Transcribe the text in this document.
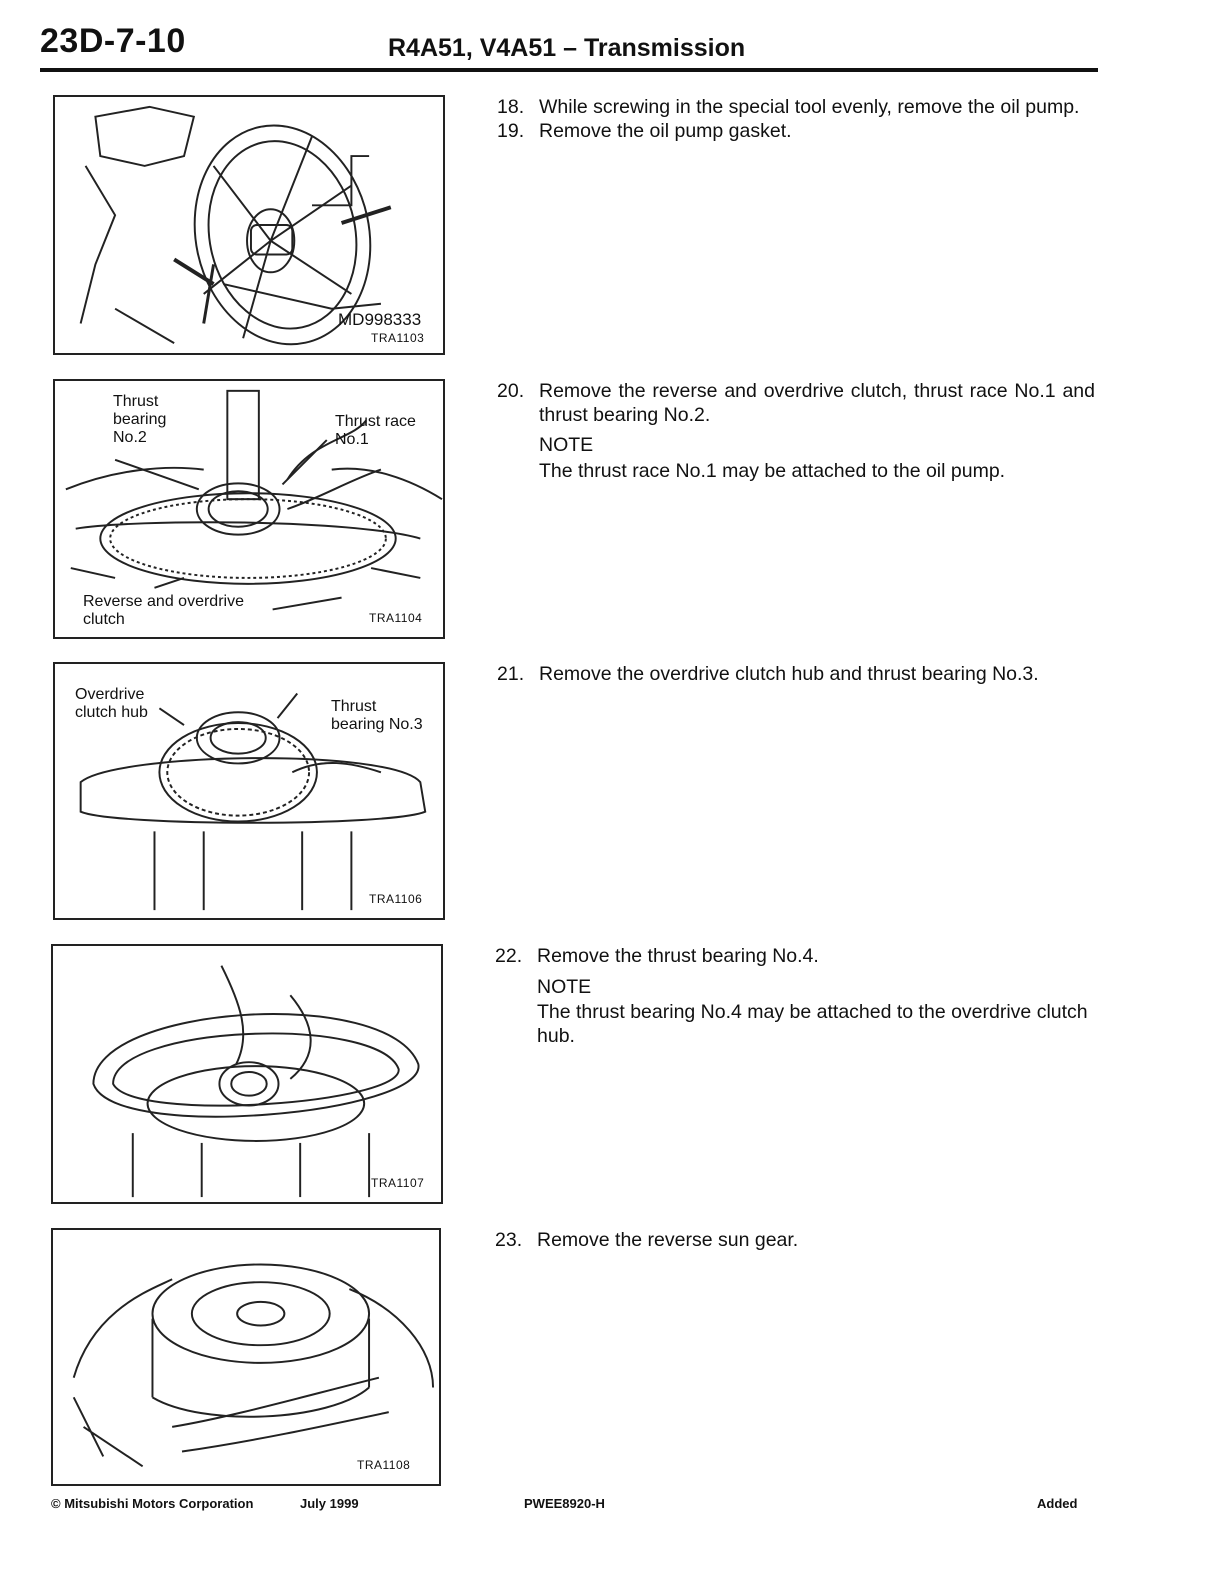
23D-7-10	R4A51, V4A51 – Transmission
MD998333
TRA1103
Thrust
bearing
No.2
Thrust race
No.1
Reverse and overdrive
clutch	TRA1104
Overdrive
clutch hub	Thrust
bearing No.3
TRA1106
TRA1107
TRA1108
18. While screwing in the special tool evenly, remove the oil pump.
19. Remove the oil pump gasket.
20. Remove the reverse and overdrive clutch, thrust race No.1 and thrust bearing No.2.
NOTE
The thrust race No.1 may be attached to the oil pump.
21. Remove the overdrive clutch hub and thrust bearing No.3.
22. Remove the thrust bearing No.4.
NOTE
The thrust bearing No.4 may be attached to the overdrive clutch hub.
23. Remove the reverse sun gear.
© Mitsubishi Motors Corporation	July 1999	PWEE8920-H	Added
